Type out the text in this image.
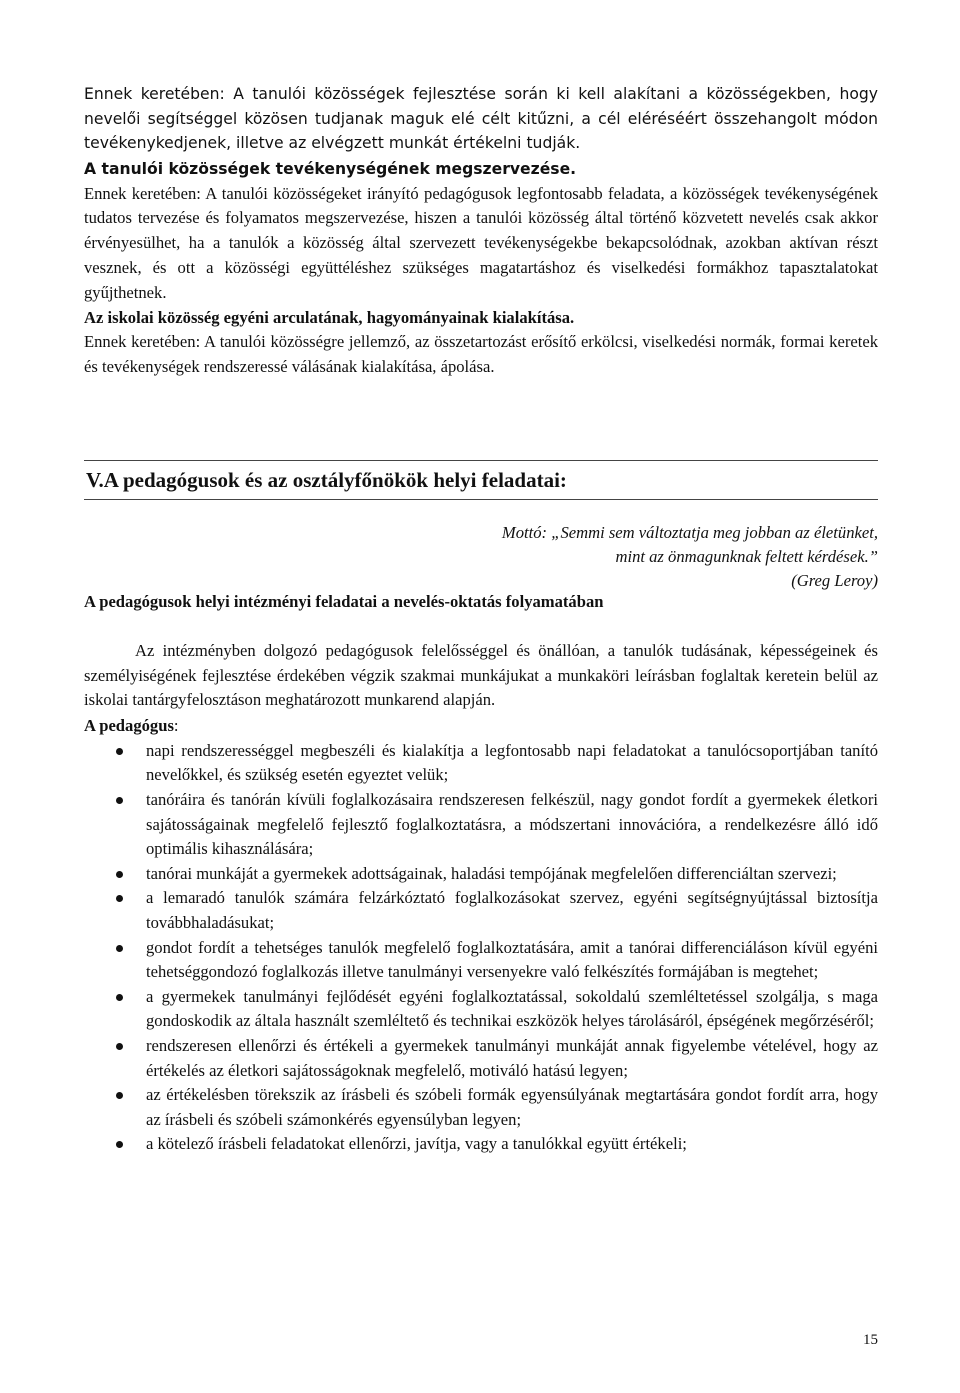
Ennek keretében: A tanulói közösségek fejlesztése során ki kell alakítani a közösségekben, hogy nevelői segítséggel közösen tudjanak maguk elé célt kitűzni, a cél eléréséért összehangolt módon tevékenykedjenek, illetve az elvégzett munkát értékelni tudják.

A tanulói közösségek tevékenységének megszervezése.

Ennek keretében: A tanulói közösségeket irányító pedagógusok legfontosabb feladata, a közösségek tevékenységének tudatos tervezése és folyamatos megszervezése, hiszen a tanulói közösség által történő közvetett nevelés csak akkor érvényesülhet, ha a tanulók a közösség által szervezett tevékenységekbe bekapcsolódnak, azokban aktívan részt vesznek, és ott a közösségi együttéléshez szükséges magatartáshoz és viselkedési formákhoz tapasztalatokat gyűjthetnek.

Az iskolai közösség egyéni arculatának, hagyományainak kialakítása.

Ennek keretében: A tanulói közösségre jellemző, az összetartozást erősítő erkölcsi, viselkedési normák, formai keretek és tevékenységek rendszeressé válásának kialakítása, ápolása.

V.A pedagógusok és az osztályfőnökök helyi feladatai:
Mottó: „Semmi sem változtatja meg jobban az életünket,
mint az önmagunknak feltett kérdések.”
(Greg Leroy)
A pedagógusok helyi intézményi feladatai a nevelés-oktatás folyamatában

Az intézményben dolgozó pedagógusok felelősséggel és önállóan, a tanulók tudásának, képességeinek és személyiségének fejlesztése érdekében végzik szakmai munkájukat a munkaköri leírásban foglaltak keretein belül az iskolai tantárgyfelosztáson meghatározott munkarend alapján.

A pedagógus:

napi rendszerességgel megbeszéli és kialakítja a legfontosabb napi feladatokat a tanulócsoportjában tanító nevelőkkel, és szükség esetén egyeztet velük;

tanóráira és tanórán kívüli foglalkozásaira rendszeresen felkészül, nagy gondot fordít a gyermekek életkori sajátosságainak megfelelő fejlesztő foglalkoztatásra, a módszertani innovációra, a rendelkezésre álló idő optimális kihasználására;

tanórai munkáját a gyermekek adottságainak, haladási tempójának megfelelően differenciáltan szervezi;

a lemaradó tanulók számára felzárkóztató foglalkozásokat szervez, egyéni segítségnyújtással biztosítja továbbhaladásukat;

gondot fordít a tehetséges tanulók megfelelő foglalkoztatására, amit a tanórai differenciáláson kívül egyéni tehetséggondozó foglalkozás illetve tanulmányi versenyekre való felkészítés formájában is megtehet;

a gyermekek tanulmányi fejlődését egyéni foglalkoztatással, sokoldalú szemléltetéssel szolgálja, s maga gondoskodik az általa használt szemléltető és technikai eszközök helyes tárolásáról, épségének megőrzéséről;

rendszeresen ellenőrzi és értékeli a gyermekek tanulmányi munkáját annak figyelembe vételével, hogy az értékelés az életkori sajátosságoknak megfelelő, motiváló hatású legyen;

az értékelésben törekszik az írásbeli és szóbeli formák egyensúlyának megtartására gondot fordít arra, hogy az írásbeli és szóbeli számonkérés egyensúlyban legyen;

a kötelező írásbeli feladatokat ellenőrzi, javítja, vagy a tanulókkal együtt értékeli;

15
